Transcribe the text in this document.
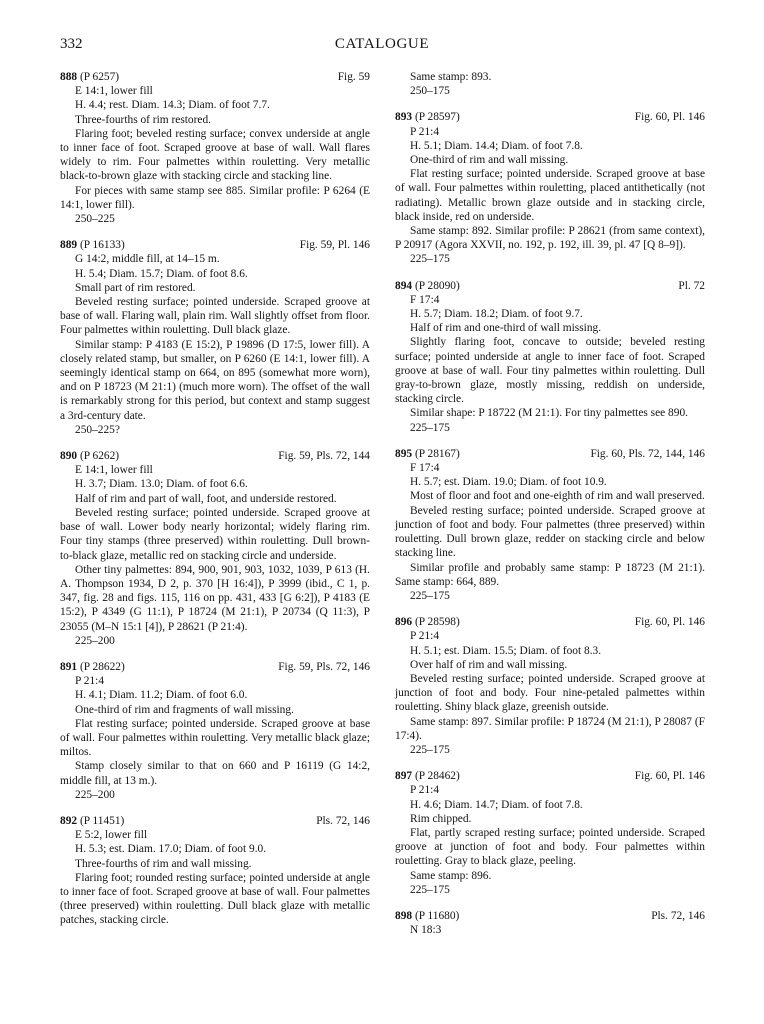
332	CATALOGUE
888 (P 6257)	Fig. 59
E 14:1, lower fill
H. 4.4; rest. Diam. 14.3; Diam. of foot 7.7.
Three-fourths of rim restored.
Flaring foot; beveled resting surface; convex underside at angle to inner face of foot. Scraped groove at base of wall. Wall flares widely to rim. Four palmettes within rouletting. Very metallic black-to-brown glaze with stacking circle and stacking line.
For pieces with same stamp see 885. Similar profile: P 6264 (E 14:1, lower fill).
250–225
889 (P 16133)	Fig. 59, Pl. 146
G 14:2, middle fill, at 14–15 m.
H. 5.4; Diam. 15.7; Diam. of foot 8.6.
Small part of rim restored.
Beveled resting surface; pointed underside. Scraped groove at base of wall. Flaring wall, plain rim. Wall slightly offset from floor. Four palmettes within rouletting. Dull black glaze.
Similar stamp: P 4183 (E 15:2), P 19896 (D 17:5, lower fill). A closely related stamp, but smaller, on P 6260 (E 14:1, lower fill). A seemingly identical stamp on 664, on 895 (somewhat more worn), and on P 18723 (M 21:1) (much more worn). The offset of the wall is remarkably strong for this period, but context and stamp suggest a 3rd-century date.
250–225?
890 (P 6262)	Fig. 59, Pls. 72, 144
E 14:1, lower fill
H. 3.7; Diam. 13.0; Diam. of foot 6.6.
Half of rim and part of wall, foot, and underside restored.
Beveled resting surface; pointed underside. Scraped groove at base of wall. Lower body nearly horizontal; widely flaring rim. Four tiny stamps (three preserved) within rouletting. Dull brown-to-black glaze, metallic red on stacking circle and underside.
Other tiny palmettes: 894, 900, 901, 903, 1032, 1039, P 613 (H. A. Thompson 1934, D 2, p. 370 [H 16:4]), P 3999 (ibid., C 1, p. 347, fig. 28 and figs. 115, 116 on pp. 431, 433 [G 6:2]), P 4183 (E 15:2), P 4349 (G 11:1), P 18724 (M 21:1), P 20734 (Q 11:3), P 23055 (M–N 15:1 [4]), P 28621 (P 21:4).
225–200
891 (P 28622)	Fig. 59, Pls. 72, 146
P 21:4
H. 4.1; Diam. 11.2; Diam. of foot 6.0.
One-third of rim and fragments of wall missing.
Flat resting surface; pointed underside. Scraped groove at base of wall. Four palmettes within rouletting. Very metallic black glaze; miltos.
Stamp closely similar to that on 660 and P 16119 (G 14:2, middle fill, at 13 m.).
225–200
892 (P 11451)	Pls. 72, 146
E 5:2, lower fill
H. 5.3; est. Diam. 17.0; Diam. of foot 9.0.
Three-fourths of rim and wall missing.
Flaring foot; rounded resting surface; pointed underside at angle to inner face of foot. Scraped groove at base of wall. Four palmettes (three preserved) within rouletting. Dull black glaze with metallic patches, stacking circle.
Same stamp: 893.
250–175
893 (P 28597)	Fig. 60, Pl. 146
P 21:4
H. 5.1; Diam. 14.4; Diam. of foot 7.8.
One-third of rim and wall missing.
Flat resting surface; pointed underside. Scraped groove at base of wall. Four palmettes within rouletting, placed antithetically (not radiating). Metallic brown glaze outside and in stacking circle, black inside, red on underside.
Same stamp: 892. Similar profile: P 28621 (from same context), P 20917 (Agora XXVII, no. 192, p. 192, ill. 39, pl. 47 [Q 8–9]).
225–175
894 (P 28090)	Pl. 72
F 17:4
H. 5.7; Diam. 18.2; Diam. of foot 9.7.
Half of rim and one-third of wall missing.
Slightly flaring foot, concave to outside; beveled resting surface; pointed underside at angle to inner face of foot. Scraped groove at base of wall. Four tiny palmettes within rouletting. Dull gray-to-brown glaze, mostly missing, reddish on underside, stacking circle.
Similar shape: P 18722 (M 21:1). For tiny palmettes see 890.
225–175
895 (P 28167)	Fig. 60, Pls. 72, 144, 146
F 17:4
H. 5.7; est. Diam. 19.0; Diam. of foot 10.9.
Most of floor and foot and one-eighth of rim and wall preserved.
Beveled resting surface; pointed underside. Scraped groove at junction of foot and body. Four palmettes (three preserved) within rouletting. Dull brown glaze, redder on stacking circle and below stacking line.
Similar profile and probably same stamp: P 18723 (M 21:1). Same stamp: 664, 889.
225–175
896 (P 28598)	Fig. 60, Pl. 146
P 21:4
H. 5.1; est. Diam. 15.5; Diam. of foot 8.3.
Over half of rim and wall missing.
Beveled resting surface; pointed underside. Scraped groove at junction of foot and body. Four nine-petaled palmettes within rouletting. Shiny black glaze, greenish outside.
Same stamp: 897. Similar profile: P 18724 (M 21:1), P 28087 (F 17:4).
225–175
897 (P 28462)	Fig. 60, Pl. 146
P 21:4
H. 4.6; Diam. 14.7; Diam. of foot 7.8.
Rim chipped.
Flat, partly scraped resting surface; pointed underside. Scraped groove at junction of foot and body. Four palmettes within rouletting. Gray to black glaze, peeling.
Same stamp: 896.
225–175
898 (P 11680)	Pls. 72, 146
N 18:3
